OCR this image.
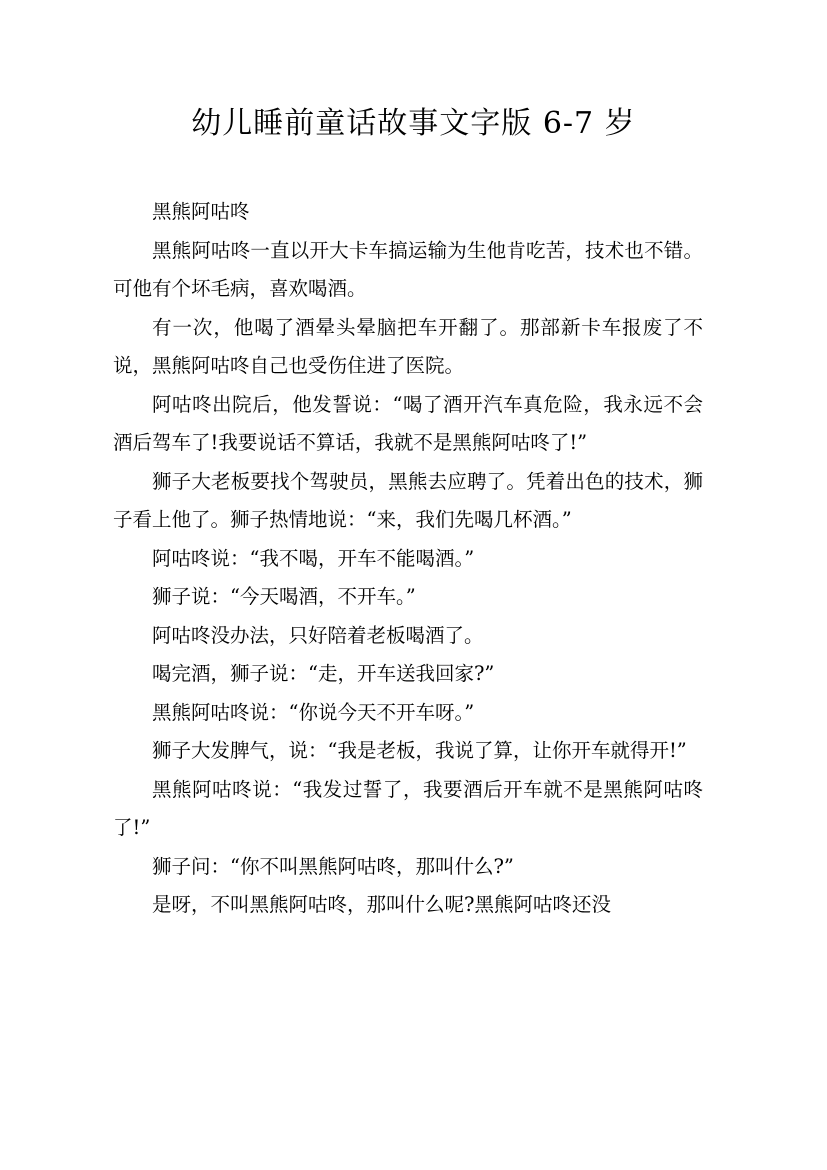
幼儿睡前童话故事文字版 6-7 岁

黑熊阿咕咚

黑熊阿咕咚一直以开大卡车搞运输为生他肯吃苦，技术也不错。可他有个坏毛病，喜欢喝酒。

有一次，他喝了酒晕头晕脑把车开翻了。那部新卡车报废了不说，黑熊阿咕咚自己也受伤住进了医院。

阿咕咚出院后，他发誓说：“喝了酒开汽车真危险，我永远不会酒后驾车了!我要说话不算话，我就不是黑熊阿咕咚了!”

狮子大老板要找个驾驶员，黑熊去应聘了。凭着出色的技术，狮子看上他了。狮子热情地说：“来，我们先喝几杯酒。”

阿咕咚说：“我不喝，开车不能喝酒。”

狮子说：“今天喝酒，不开车。”

阿咕咚没办法，只好陪着老板喝酒了。

喝完酒，狮子说：“走，开车送我回家?”

黑熊阿咕咚说：“你说今天不开车呀。”

狮子大发脾气，说：“我是老板，我说了算，让你开车就得开!”

黑熊阿咕咚说：“我发过誓了，我要酒后开车就不是黑熊阿咕咚了!”

狮子问：“你不叫黑熊阿咕咚，那叫什么?”

是呀，不叫黑熊阿咕咚，那叫什么呢?黑熊阿咕咚还没
